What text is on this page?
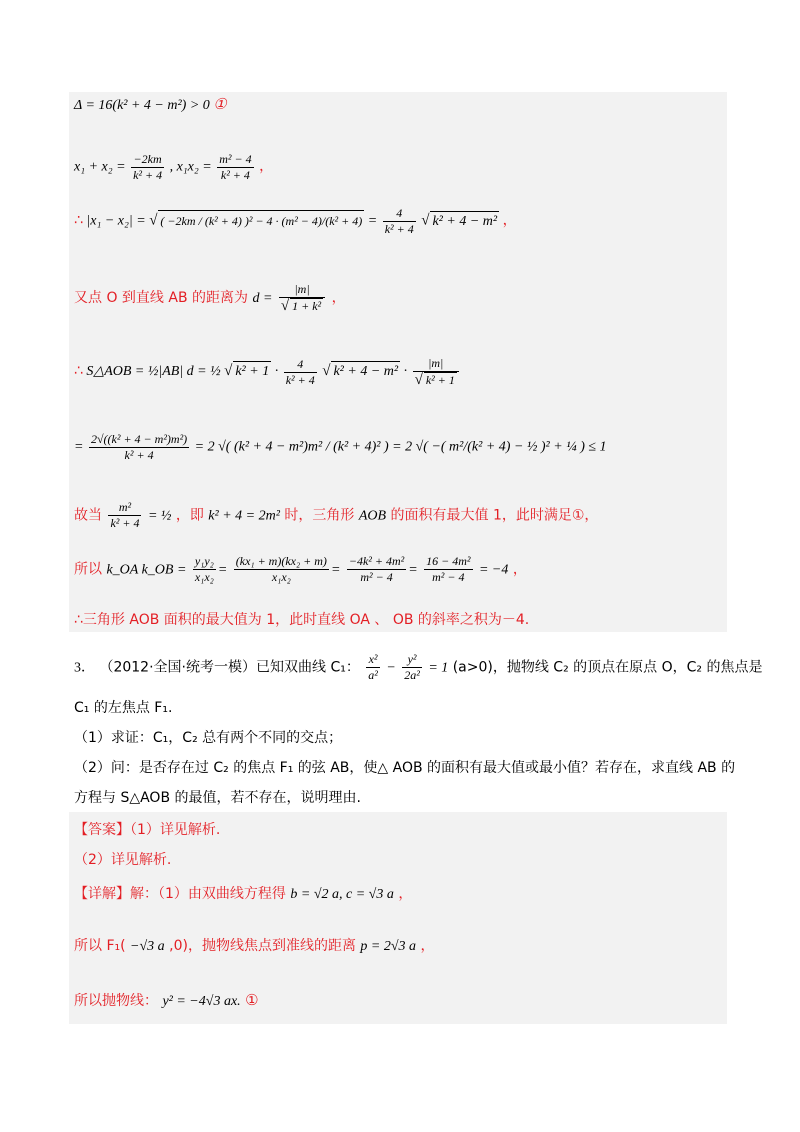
Δ = 16(k² + 4 − m²) > 0 ①
$x_1 + x_2 = \frac{-2km}{\text{k² + 4}}$ , $x_1x_2 = \frac{\text{m² − 4}}{\text{k² + 4}}$ ，
∴ |x₁ − x₂| = √ ( −2km / (k² + 4) )$^2 - 4 \cdot (m^2 - 4)/(k^2 + 4) = \frac{4}{\text{k² + 4}}$ √ k² + 4 − m² ，
又点 O 到直线 AB 的距离为 $d = \frac{|m|}{\text{√ 1 + k²}}$ ，
∴ S△AOB = ½|AB| d = ½ √ $k^2 + 1 \cdot \frac{4}{\text{k² + 4}}$ √ $k^2 + 4 - m^2 \cdot \frac{|m|}{\text{√ k² + 1}}$
= $\frac{\text{2√((k² + 4 − m²)m²)}}{\text{k² + 4}} = 2$ √( (k² + 4 − m²)m² / (k² + 4)² ) = 2 √( −( m²/(k² + 4) − ½ )² + ¼ ) ≤ 1
故当 $\frac{\text{m²}}{\text{k² + 4}}$ = ½ ，即 k² + 4 = 2m² 时，三角形 AOB 的面积有最大值 1，此时满足①，
所以 k_OA k_OB = $\frac{\text{y₁y₂}}{\text{x₁x₂}} = \frac{\text{(kx₁ + m)(kx₂ + m)}}{\text{x₁x₂}} = \frac{\text{−4k² + 4m²}}{\text{m² − 4}} = \frac{\text{16 − 4m²}}{\text{m² − 4}} = -4$ ，
∴三角形 AOB 面积的最大值为 1，此时直线 OA 、 OB 的斜率之积为－4.
3． （2012·全国·统考一模）已知双曲线 C₁： $\frac{\text{x²}}{\text{a²}} - \frac{\text{y²}}{\text{2a²}} = 1$ (a>0)，抛物线 C₂ 的顶点在原点 O，C₂ 的焦点是
C₁ 的左焦点 F₁.
（1）求证：C₁，C₂ 总有两个不同的交点；
（2）问：是否存在过 C₂ 的焦点 F₁ 的弦 AB，使△ AOB 的面积有最大值或最小值？若存在，求直线 AB 的
方程与 S△AOB 的最值，若不存在，说明理由.
【答案】（1）详见解析.
（2）详见解析.
【详解】解：（1）由双曲线方程得 b = √2 a, c = √3 a ，
所以 F₁( −√3 a ,0)，抛物线焦点到准线的距离 p = 2√3 a ，
所以抛物线： y² = −4√3 ax. ①
